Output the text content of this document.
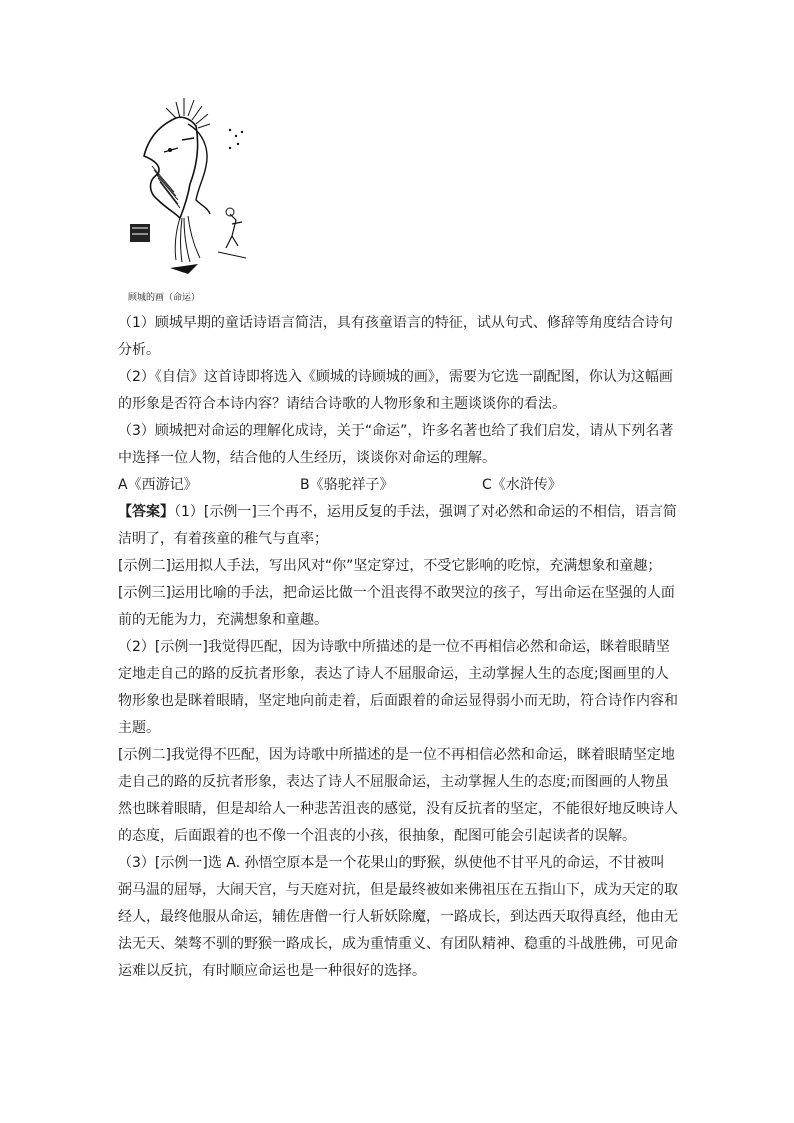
顾城的画（命运）

（1）顾城早期的童话诗语言简洁，具有孩童语言的特征，试从句式、修辞等角度结合诗句分析。

（2）《自信》这首诗即将选入《顾城的诗顾城的画》，需要为它选一副配图，你认为这幅画的形象是否符合本诗内容？请结合诗歌的人物形象和主题谈谈你的看法。

（3）顾城把对命运的理解化成诗，关于“命运”，许多名著也给了我们启发，请从下列名著中选择一位人物，结合他的人生经历，谈谈你对命运的理解。

A《西游记》	B《骆驼祥子》	C《水浒传》

【答案】（1）[示例一]三个再不，运用反复的手法，强调了对必然和命运的不相信，语言简洁明了，有着孩童的稚气与直率；

[示例二]运用拟人手法，写出风对“你”坚定穿过，不受它影响的吃惊，充满想象和童趣；

[示例三]运用比喻的手法，把命运比做一个沮丧得不敢哭泣的孩子，写出命运在坚强的人面前的无能为力，充满想象和童趣。

（2）[示例一]我觉得匹配，因为诗歌中所描述的是一位不再相信必然和命运，眯着眼睛坚定地走自己的路的反抗者形象，表达了诗人不屈服命运，主动掌握人生的态度;图画里的人物形象也是眯着眼睛，坚定地向前走着，后面跟着的命运显得弱小而无助，符合诗作内容和主题。

[示例二]我觉得不匹配，因为诗歌中所描述的是一位不再相信必然和命运，眯着眼睛坚定地走自己的路的反抗者形象，表达了诗人不屈服命运，主动掌握人生的态度;而图画的人物虽然也眯着眼睛，但是却给人一种悲苦沮丧的感觉，没有反抗者的坚定，不能很好地反映诗人的态度，后面跟着的也不像一个沮丧的小孩，很抽象，配图可能会引起读者的误解。

（3）[示例一]选 A. 孙悟空原本是一个花果山的野猴，纵使他不甘平凡的命运，不甘被叫弼马温的屈辱，大闹天宫，与天庭对抗，但是最终被如来佛祖压在五指山下，成为天定的取经人，最终他服从命运，辅佐唐僧一行人斩妖除魔，一路成长，到达西天取得真经，他由无法无天、桀骜不驯的野猴一路成长，成为重情重义、有团队精神、稳重的斗战胜佛，可见命运难以反抗，有时顺应命运也是一种很好的选择。
